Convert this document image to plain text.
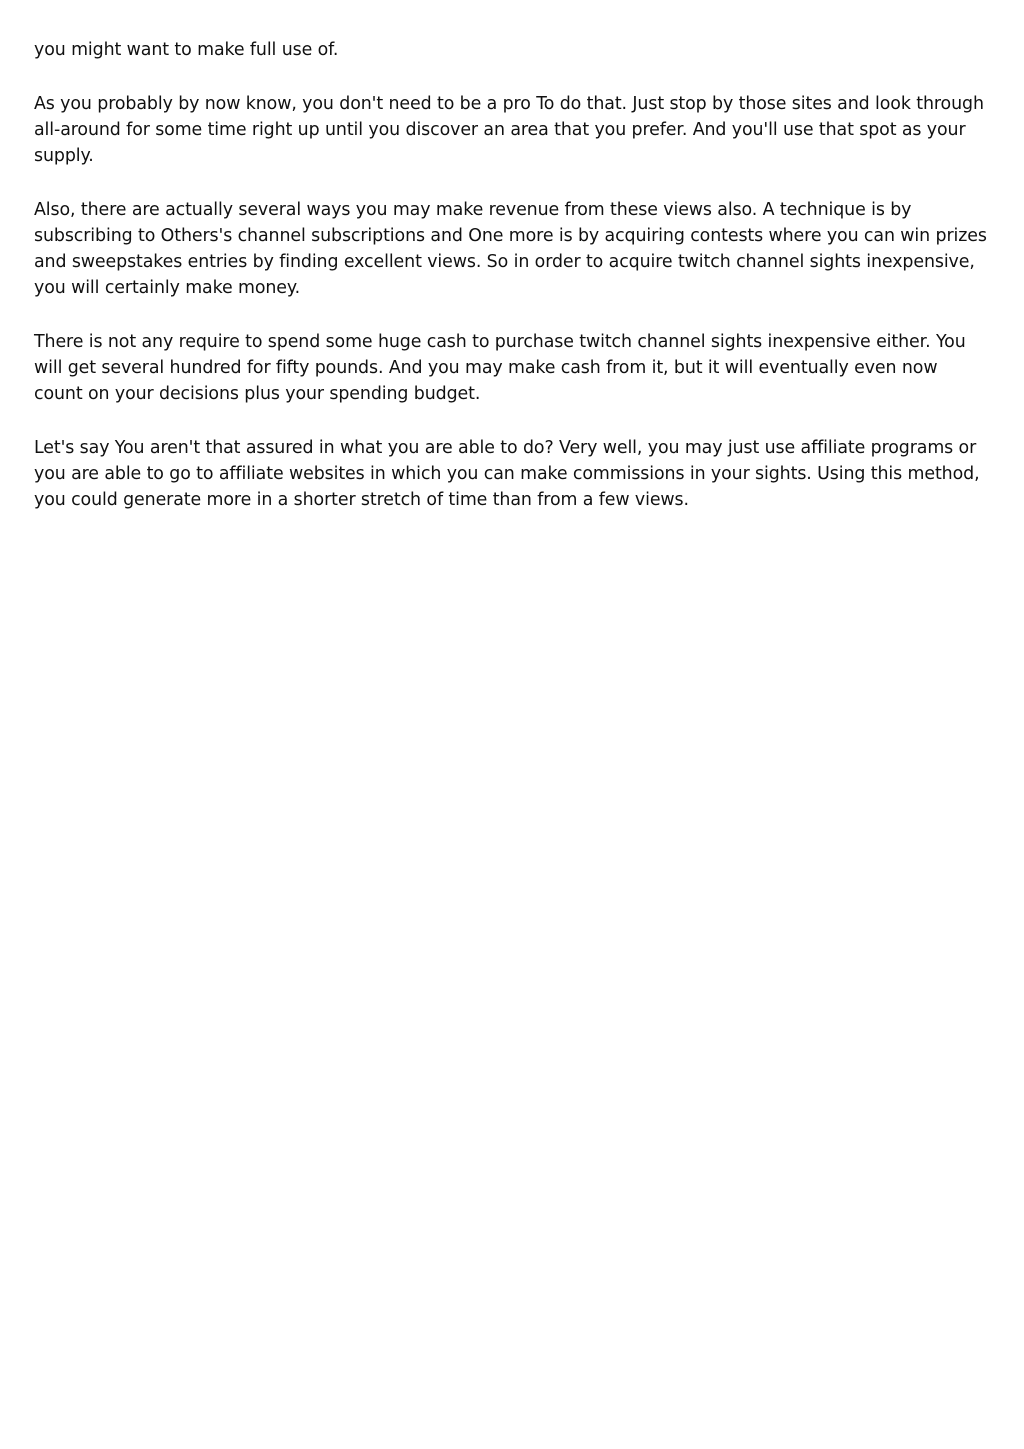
you might want to make full use of.

As you probably by now know, you don't need to be a pro To do that. Just stop by those sites and look through all-around for some time right up until you discover an area that you prefer. And you'll use that spot as your supply.

Also, there are actually several ways you may make revenue from these views also. A technique is by subscribing to Others's channel subscriptions and One more is by acquiring contests where you can win prizes and sweepstakes entries by finding excellent views. So in order to acquire twitch channel sights inexpensive, you will certainly make money.

There is not any require to spend some huge cash to purchase twitch channel sights inexpensive either. You will get several hundred for fifty pounds. And you may make cash from it, but it will eventually even now count on your decisions plus your spending budget.

Let's say You aren't that assured in what you are able to do? Very well, you may just use affiliate programs or you are able to go to affiliate websites in which you can make commissions in your sights. Using this method, you could generate more in a shorter stretch of time than from a few views.
